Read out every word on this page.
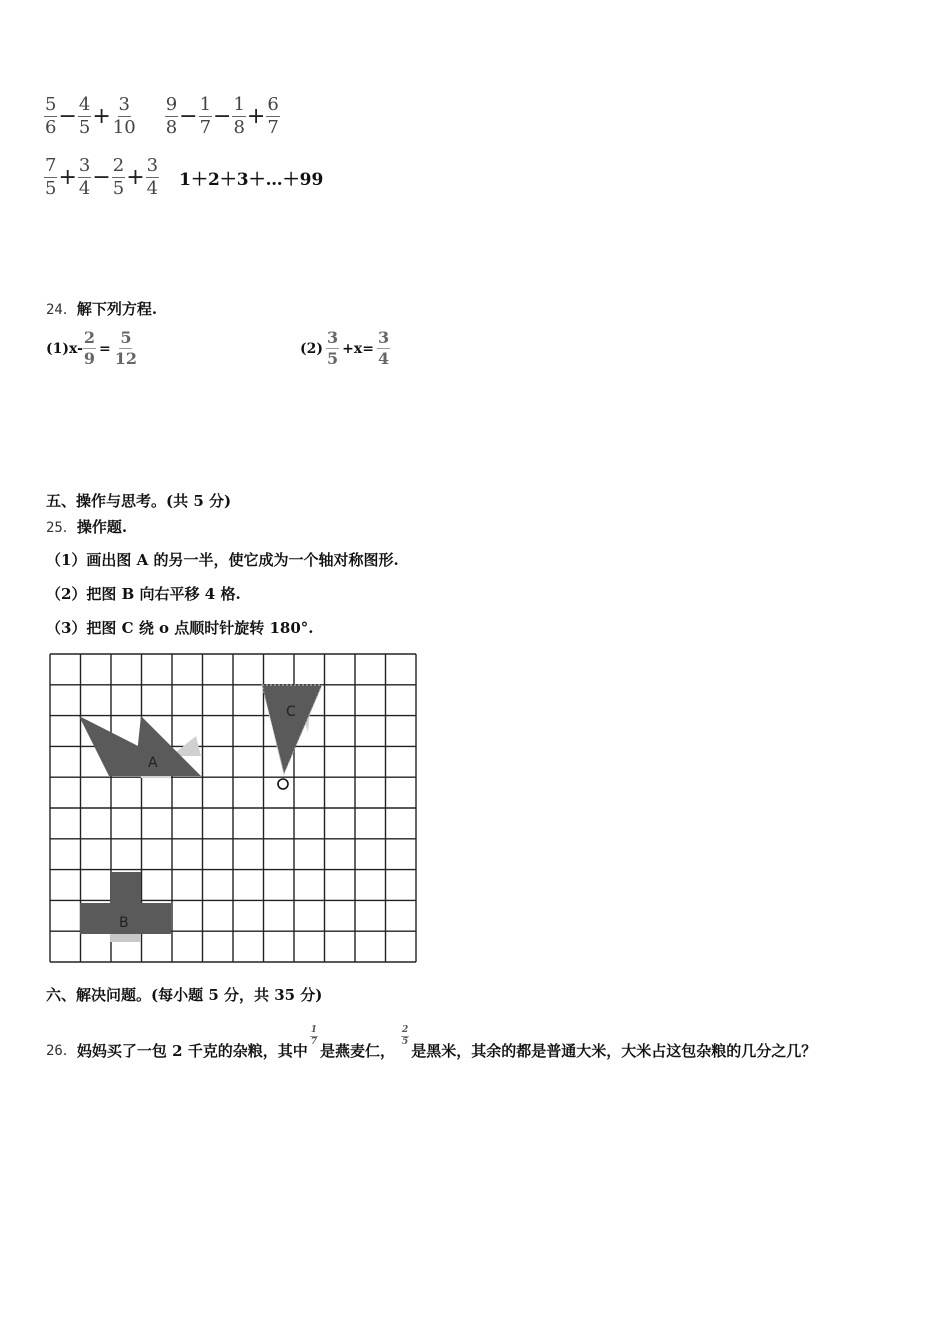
$\frac{5}{6} - \frac{4}{5} + \frac{3}{10} \frac{9}{8} - \frac{1}{7} - \frac{1}{8} + \frac{6}{7}$
$\frac{7}{5} + \frac{3}{4} - \frac{2}{5} + \frac{3}{4}$ 1＋2＋3＋…＋99
24．解下列方程.
$(1)x- \frac{2}{9} = \frac{5}{12}$	$(2) \frac{3}{5} +x= \frac{3}{4}$
五、操作与思考。(共 5 分)
25．操作题.
（1）画出图 A 的另一半，使它成为一个轴对称图形.
（2）把图 B 向右平移 4 格.
（3）把图 C 绕 o 点顺时针旋转 180°.
A
B
C
六、解决问题。(每小题 5 分，共 35 分)
26． 妈妈买了一包 2 千克的杂粮，其中
$\frac{1}{7}$
是燕麦仁，
$\frac{2}{5}$
是黑米，其余的都是普通大米，大米占这包杂粮的几分之几？
